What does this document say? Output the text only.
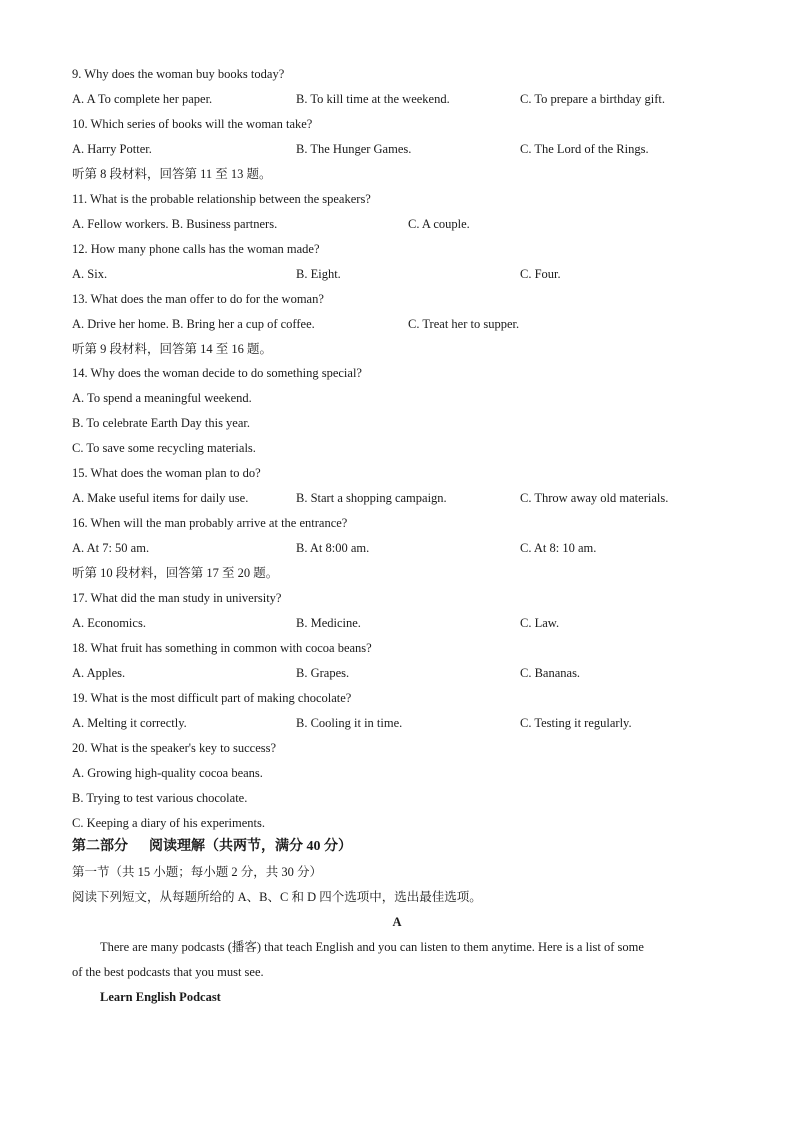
9. Why does the woman buy books today?
A. A To complete her paper.	B. To kill time at the weekend.	C. To prepare a birthday gift.
10. Which series of books will the woman take?
A. Harry Potter.	B. The Hunger Games.	C. The Lord of the Rings.
听第 8 段材料，回答第 11 至 13 题。
11. What is the probable relationship between the speakers?
A. Fellow workers. B. Business partners.	C. A couple.
12. How many phone calls has the woman made?
A. Six.	B. Eight.	C. Four.
13. What does the man offer to do for the woman?
A. Drive her home. B. Bring her a cup of coffee.	C. Treat her to supper.
听第 9 段材料，回答第 14 至 16 题。
14. Why does the woman decide to do something special?
A. To spend a meaningful weekend.
B. To celebrate Earth Day this year.
C. To save some recycling materials.
15. What does the woman plan to do?
A. Make useful items for daily use.	B. Start a shopping campaign.	C. Throw away old materials.
16. When will the man probably arrive at the entrance?
A. At 7: 50 am.	B. At 8:00 am.	C. At 8: 10 am.
听第 10 段材料，回答第 17 至 20 题。
17. What did the man study in university?
A. Economics.	B. Medicine.	C. Law.
18. What fruit has something in common with cocoa beans?
A. Apples.	B. Grapes.	C. Bananas.
19. What is the most difficult part of making chocolate?
A. Melting it correctly.	B. Cooling it in time.	C. Testing it regularly.
20. What is the speaker's key to success?
A. Growing high-quality cocoa beans.
B. Trying to test various chocolate.
C. Keeping a diary of his experiments.
第二部分 阅读理解（共两节，满分 40 分）
第一节（共 15 小题；每小题 2 分，共 30 分）
阅读下列短文，从每题所给的 A、B、C 和 D 四个选项中，选出最佳选项。
A
There are many podcasts (播客) that teach English and you can listen to them anytime. Here is a list of some
of the best podcasts that you must see.
Learn English Podcast
